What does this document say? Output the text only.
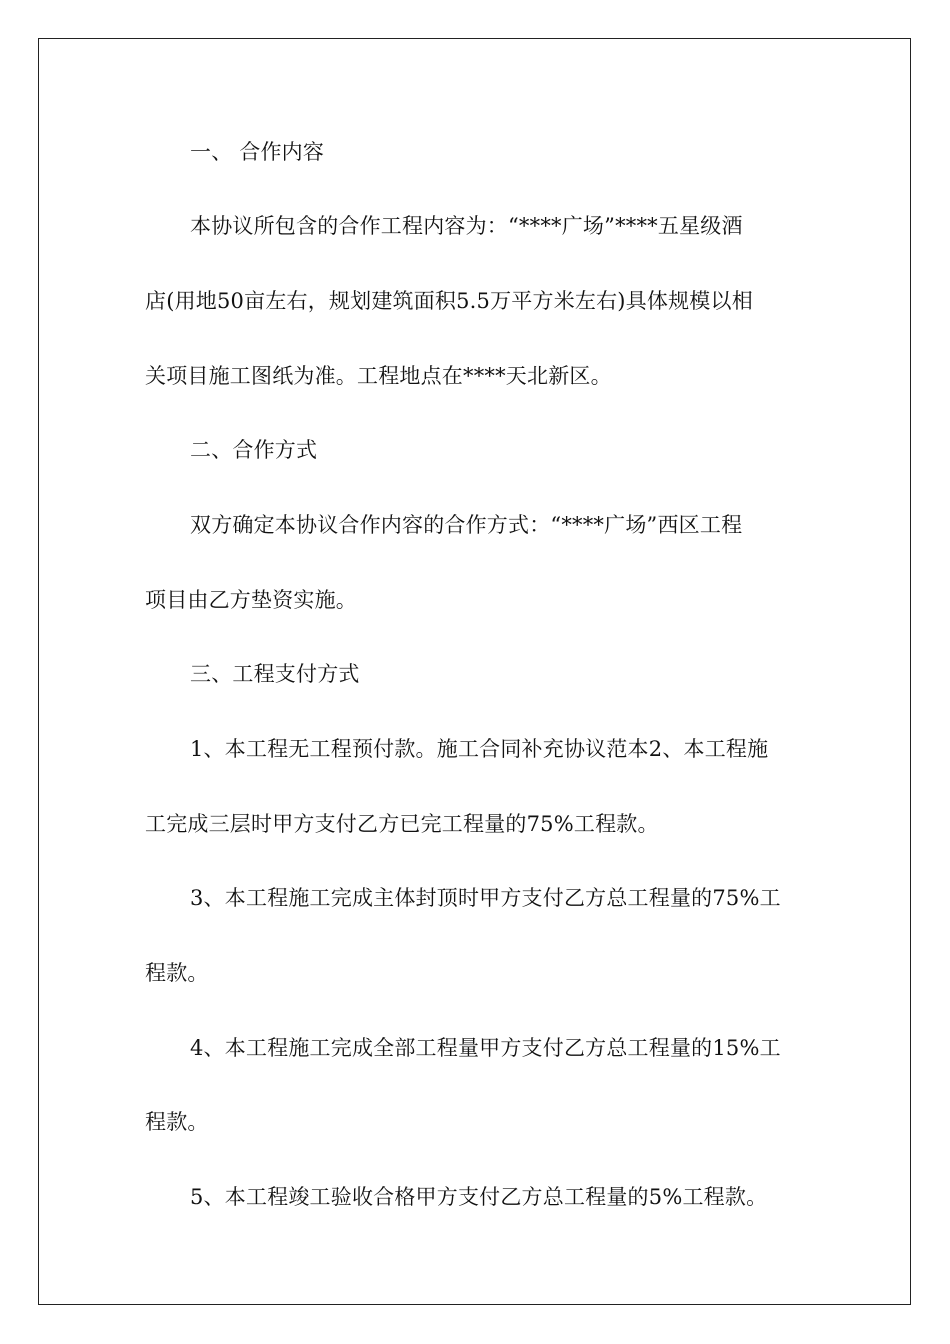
一、 合作内容
本协议所包含的合作工程内容为：“****广场”****五星级酒
店(用地50亩左右，规划建筑面积5.5万平方米左右)具体规模以相
关项目施工图纸为准。工程地点在****天北新区。
二、合作方式
双方确定本协议合作内容的合作方式：“****广场”西区工程
项目由乙方垫资实施。
三、工程支付方式
1、本工程无工程预付款。施工合同补充协议范本2、本工程施
工完成三层时甲方支付乙方已完工程量的75%工程款。
3、本工程施工完成主体封顶时甲方支付乙方总工程量的75%工
程款。
4、本工程施工完成全部工程量甲方支付乙方总工程量的15%工
程款。
5、本工程竣工验收合格甲方支付乙方总工程量的5%工程款。
